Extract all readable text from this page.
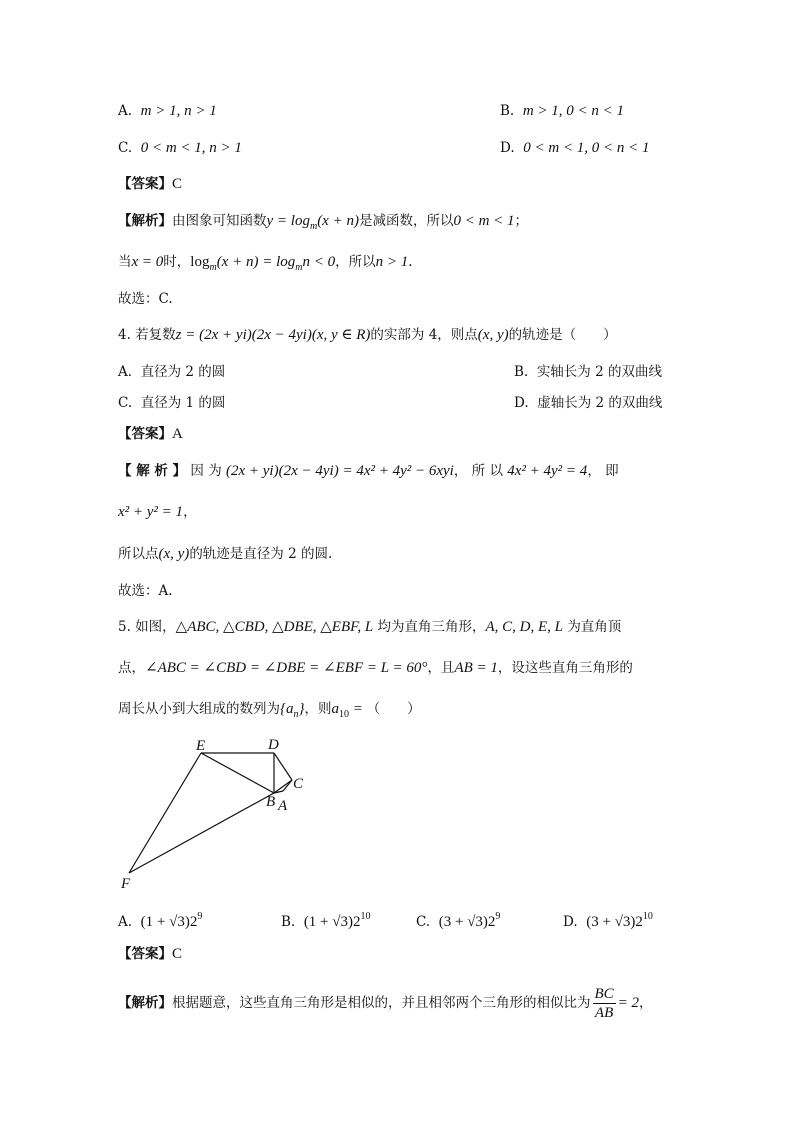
A. m > 1, n > 1	B. m > 1, 0 < n < 1
C. 0 < m < 1, n > 1	D. 0 < m < 1, 0 < n < 1
【答案】C
【解析】由图象可知函数$y = \log_m(x + n)$是减函数，所以0 < m < 1；
当x = 0时，$\log_m(x + n) = \log_mn < 0$，所以n > 1.
故选：C.
4. 若复数z = (2x + yi)(2x − 4yi)(x, y ∈ R)的实部为 4，则点(x, y)的轨迹是（　　）
A. 直径为 2 的圆	B. 实轴长为 2 的双曲线
C. 直径为 1 的圆	D. 虚轴长为 2 的双曲线
【答案】A
【 解 析 】 因 为 (2x + yi)(2x − 4yi) = 4x² + 4y² − 6xyi， 所 以 4x² + 4y² = 4， 即
x² + y² = 1，
所以点(x, y)的轨迹是直径为 2 的圆.
故选：A.
5. 如图，△ABC, △CBD, △DBE, △EBF, L 均为直角三角形，A, C, D, E, L 为直角顶
点，∠ABC = ∠CBD = ∠DBE = ∠EBF = L = 60°，且AB = 1，设这些直角三角形的
周长从小到大组成的数列为$\{a_n\}$，则$a_{10}$ = （　　）
E	D
C
B A
F
A. $(1 + √3)2^9$	B. $(1 + √3)2^{10}$	C. $(3 + √3)2^9$	D. $(3 + √3)2^{10}$
【答案】C
【解析】根据题意，这些直角三角形是相似的，并且相邻两个三角形的相似比为 $\frac{BC}{AB} = 2$，
